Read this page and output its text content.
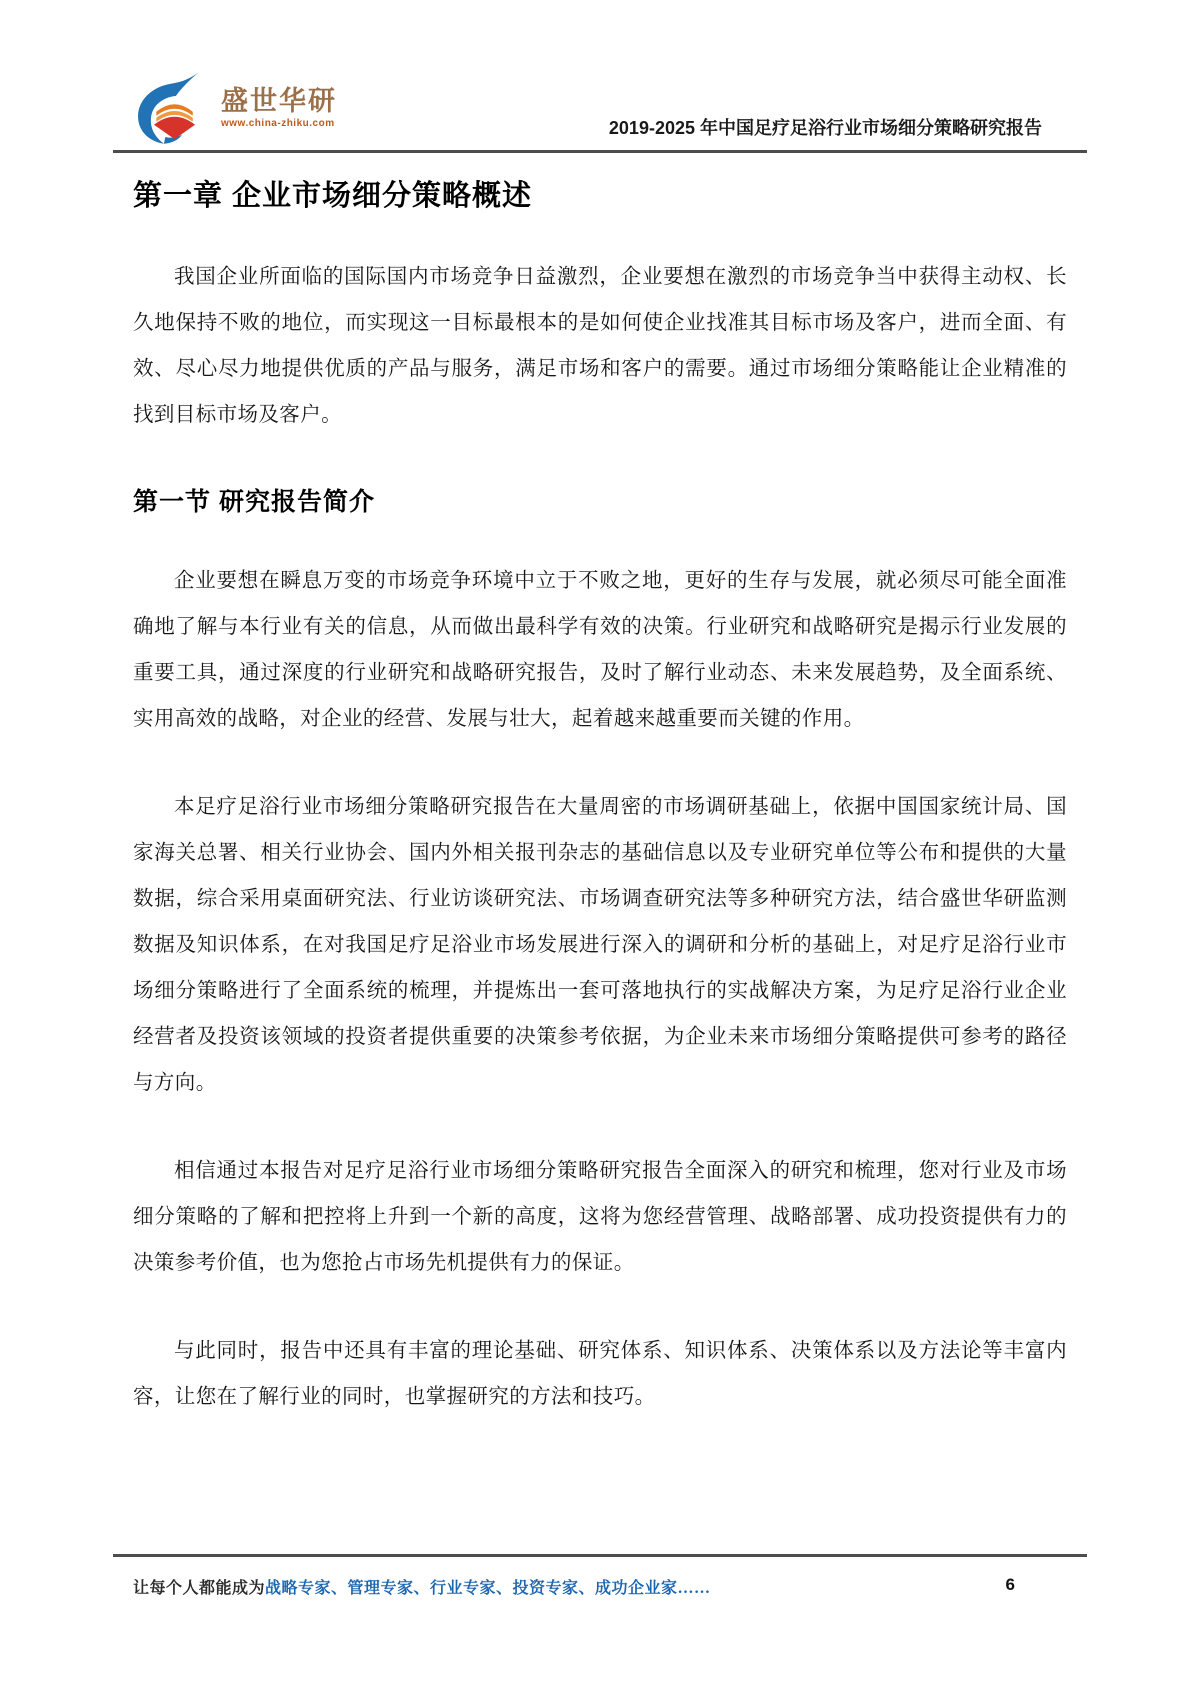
盛世华研
www.china-zhiku.com	2019-2025 年中国足疗足浴行业市场细分策略研究报告
第一章 企业市场细分策略概述

我国企业所面临的国际国内市场竞争日益激烈，企业要想在激烈的市场竞争当中获得主动权、长久地保持不败的地位，而实现这一目标最根本的是如何使企业找准其目标市场及客户，进而全面、有效、尽心尽力地提供优质的产品与服务，满足市场和客户的需要。通过市场细分策略能让企业精准的找到目标市场及客户。

第一节 研究报告简介

企业要想在瞬息万变的市场竞争环境中立于不败之地，更好的生存与发展，就必须尽可能全面准确地了解与本行业有关的信息，从而做出最科学有效的决策。行业研究和战略研究是揭示行业发展的重要工具，通过深度的行业研究和战略研究报告，及时了解行业动态、未来发展趋势，及全面系统、实用高效的战略，对企业的经营、发展与壮大，起着越来越重要而关键的作用。

本足疗足浴行业市场细分策略研究报告在大量周密的市场调研基础上，依据中国国家统计局、国家海关总署、相关行业协会、国内外相关报刊杂志的基础信息以及专业研究单位等公布和提供的大量数据，综合采用桌面研究法、行业访谈研究法、市场调查研究法等多种研究方法，结合盛世华研监测数据及知识体系，在对我国足疗足浴业市场发展进行深入的调研和分析的基础上，对足疗足浴行业市场细分策略进行了全面系统的梳理，并提炼出一套可落地执行的实战解决方案，为足疗足浴行业企业经营者及投资该领域的投资者提供重要的决策参考依据，为企业未来市场细分策略提供可参考的路径与方向。

相信通过本报告对足疗足浴行业市场细分策略研究报告全面深入的研究和梳理，您对行业及市场细分策略的了解和把控将上升到一个新的高度，这将为您经营管理、战略部署、成功投资提供有力的决策参考价值，也为您抢占市场先机提供有力的保证。

与此同时，报告中还具有丰富的理论基础、研究体系、知识体系、决策体系以及方法论等丰富内容，让您在了解行业的同时，也掌握研究的方法和技巧。

让每个人都能成为战略专家、管理专家、行业专家、投资专家、成功企业家……	6
